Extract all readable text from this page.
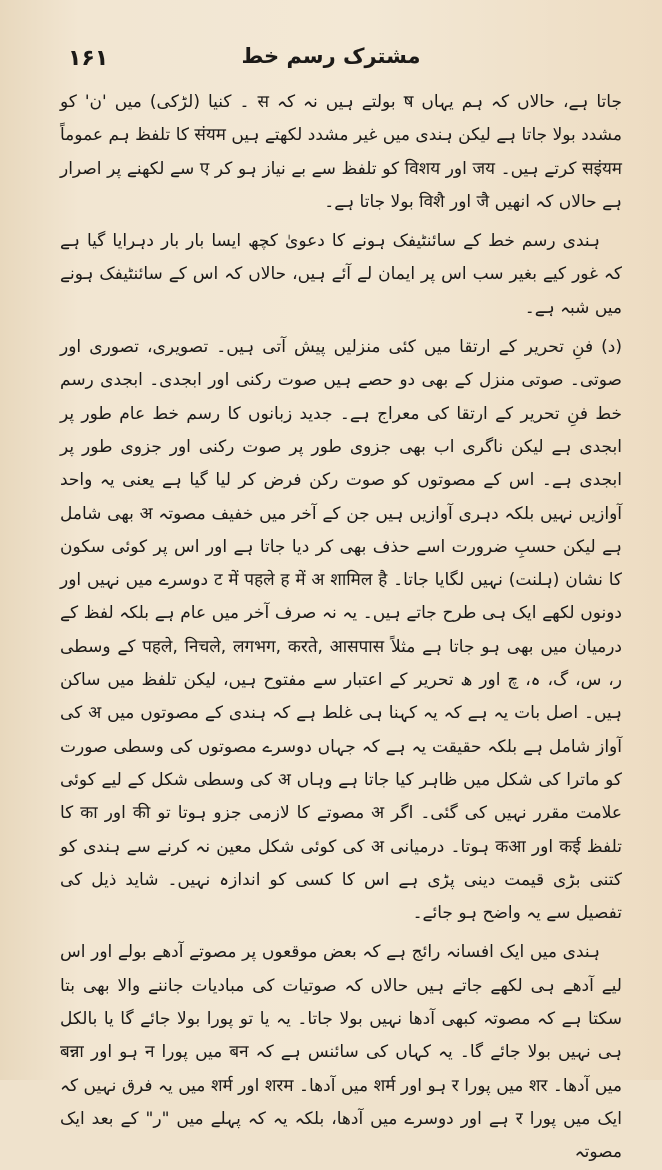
۱۶۱	مشترک رسم خط

جاتا ہے، حالاں کہ ہم یہاں ष بولتے ہیں نہ کہ स ۔ کنیا (لڑکی) میں 'ن' کو مشدد بولا جاتا ہے لیکن ہندی میں غیر مشدد لکھتے ہیں संयम کا تلفظ ہم عموماً सइंयम کرتے ہیں۔ जय اور विशय کو تلفظ سے بے نیاز ہو کر ए سے لکھنے پر اصرار ہے حالاں کہ انھیں जै اور विशै بولا جاتا ہے۔

ہندی رسم خط کے سائنٹیفک ہونے کا دعویٰ کچھ ایسا بار بار دہرایا گیا ہے کہ غور کیے بغیر سب اس پر ایمان لے آئے ہیں، حالاں کہ اس کے سائنٹیفک ہونے میں شبہ ہے۔

(د) فنِ تحریر کے ارتقا میں کئی منزلیں پیش آتی ہیں۔ تصویری، تصوری اور صوتی۔ صوتی منزل کے بھی دو حصے ہیں صوت رکنی اور ابجدی۔ ابجدی رسم خط فنِ تحریر کے ارتقا کی معراج ہے۔ جدید زبانوں کا رسم خط عام طور پر ابجدی ہے لیکن ناگری اب بھی جزوی طور پر صوت رکنی اور جزوی طور پر ابجدی ہے۔ اس کے مصوتوں کو صوت رکن فرض کر لیا گیا ہے یعنی یہ واحد آوازیں نہیں بلکہ دہری آوازیں ہیں جن کے آخر میں خفیف مصوتہ अ بھی شامل ہے لیکن حسبِ ضرورت اسے حذف بھی کر دیا جاتا ہے اور اس پر کوئی سکون کا نشان (ہلنت) نہیں لگایا جاتا۔ ट में पहले ह में अ शामिल है دوسرے میں نہیں اور دونوں لکھے ایک ہی طرح جاتے ہیں۔ یہ نہ صرف آخر میں عام ہے بلکہ لفظ کے درمیان میں بھی ہو جاتا ہے مثلاً पहले, निचले, लगभग, करते, आसपास کے وسطی ر، س، گ، ہ، چ اور ھ تحریر کے اعتبار سے مفتوح ہیں، لیکن تلفظ میں ساکن ہیں۔ اصل بات یہ ہے کہ یہ کہنا ہی غلط ہے کہ ہندی کے مصوتوں میں अ کی آواز شامل ہے بلکہ حقیقت یہ ہے کہ جہاں دوسرے مصوتوں کی وسطی صورت کو ماترا کی شکل میں ظاہر کیا جاتا ہے وہاں अ کی وسطی شکل کے لیے کوئی علامت مقرر نہیں کی گئی۔ اگر अ مصوتے کا لازمی جزو ہوتا تو की اور का کا تلفظ कई اور कआ ہوتا۔ درمیانی अ کی کوئی شکل معین نہ کرنے سے ہندی کو کتنی بڑی قیمت دینی پڑی ہے اس کا کسی کو اندازہ نہیں۔ شاید ذیل کی تفصیل سے یہ واضح ہو جائے۔

ہندی میں ایک افسانہ رائج ہے کہ بعض موقعوں پر مصوتے آدھے بولے اور اس لیے آدھے ہی لکھے جاتے ہیں حالاں کہ صوتیات کی مبادیات جاننے والا بھی بتا سکتا ہے کہ مصوتہ کبھی آدھا نہیں بولا جاتا۔ یہ یا تو پورا بولا جائے گا یا بالکل ہی نہیں بولا جائے گا۔ یہ کہاں کی سائنس ہے کہ बन میں پورا न ہو اور बन्ना میں آدھا۔ शर میں پورا र ہو اور शर्म میں آدھا۔ शरम اور शर्म میں یہ فرق نہیں کہ ایک میں پورا र ہے اور دوسرے میں آدھا، بلکہ یہ کہ پہلے میں "ر" کے بعد ایک مصوتہ
